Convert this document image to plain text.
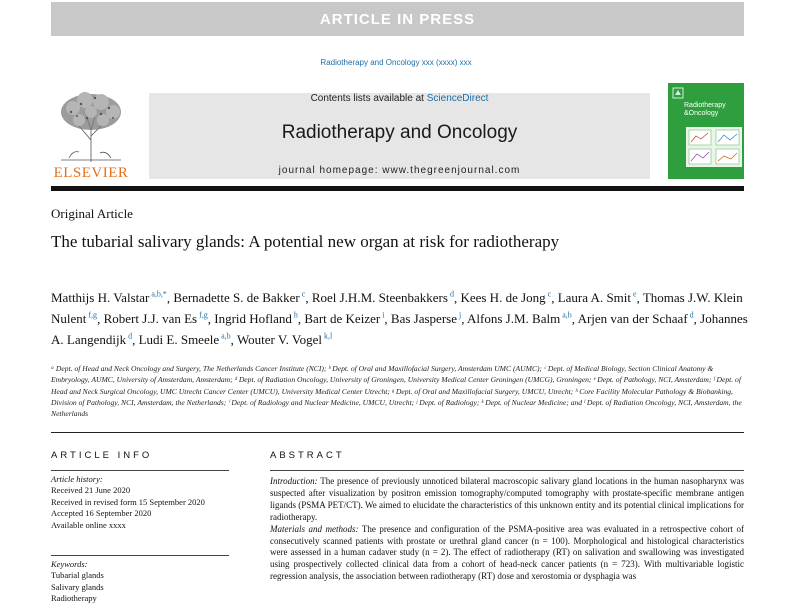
ARTICLE IN PRESS
Radiotherapy and Oncology xxx (xxxx) xxx
ELSEVIER
Contents lists available at ScienceDirect
Radiotherapy and Oncology
journal homepage: www.thegreenjournal.com
Radiotherapy
&Oncology
Original Article
The tubarial salivary glands: A potential new organ at risk for radiotherapy
Matthijs H. Valstar $^{a,b,*}$, Bernadette S. de Bakker $^c$, Roel J.H.M. Steenbakkers $^d$, Kees H. de Jong $^c$, Laura A. Smit $^e$, Thomas J.W. Klein Nulent $^{f,g}$, Robert J.J. van Es $^{f,g}$, Ingrid Hofland $^h$, Bart de Keizer $^i$, Bas Jasperse $^j$, Alfons J.M. Balm $^{a,b}$, Arjen van der Schaaf $^d$, Johannes A. Langendijk $^d$, Ludi E. Smeele $^{a,b}$, Wouter V. Vogel $^{k,l}$
ᵃ Dept. of Head and Neck Oncology and Surgery, The Netherlands Cancer Institute (NCI); ᵇ Dept. of Oral and Maxillofacial Surgery, Amsterdam UMC (AUMC); ᶜ Dept. of Medical Biology, Section Clinical Anatomy & Embryology, AUMC, University of Amsterdam, Amsterdam; ᵈ Dept. of Radiation Oncology, University of Groningen, University Medical Center Groningen (UMCG), Groningen; ᵉ Dept. of Pathology, NCI, Amsterdam; ᶠ Dept. of Head and Neck Surgical Oncology, UMC Utrecht Cancer Center (UMCU), University Medical Center Utrecht; ᵍ Dept. of Oral and Maxillofacial Surgery, UMCU, Utrecht; ʰ Core Facility Molecular Pathology & Biobanking, Division of Pathology, NCI, Amsterdam, the Netherlands; ⁱ Dept. of Radiology and Nuclear Medicine, UMCU, Utrecht; ʲ Dept. of Radiology; ᵏ Dept. of Nuclear Medicine; and ˡ Dept. of Radiation Oncology, NCI, Amsterdam, the Netherlands
ARTICLE INFO	ABSTRACT
Article history:
Received 21 June 2020
Received in revised form 15 September 2020
Accepted 16 September 2020
Available online xxxx
Keywords:
Tubarial glands
Salivary glands
Radiotherapy

Introduction: The presence of previously unnoticed bilateral macroscopic salivary gland locations in the human nasopharynx was suspected after visualization by positron emission tomography/computed tomography with prostate-specific membrane antigen ligands (PSMA PET/CT). We aimed to elucidate the characteristics of this unknown entity and its potential clinical implications for radiotherapy.

Materials and methods: The presence and configuration of the PSMA-positive area was evaluated in a retrospective cohort of consecutively scanned patients with prostate or urethral gland cancer (n = 100). Morphological and histological characteristics were assessed in a human cadaver study (n = 2). The effect of radiotherapy (RT) on salivation and swallowing was investigated using prospectively collected clinical data from a cohort of head-neck cancer patients (n = 723). With multivariable logistic regression analysis, the association between radiotherapy (RT) dose and xerostomia or dysphagia was
